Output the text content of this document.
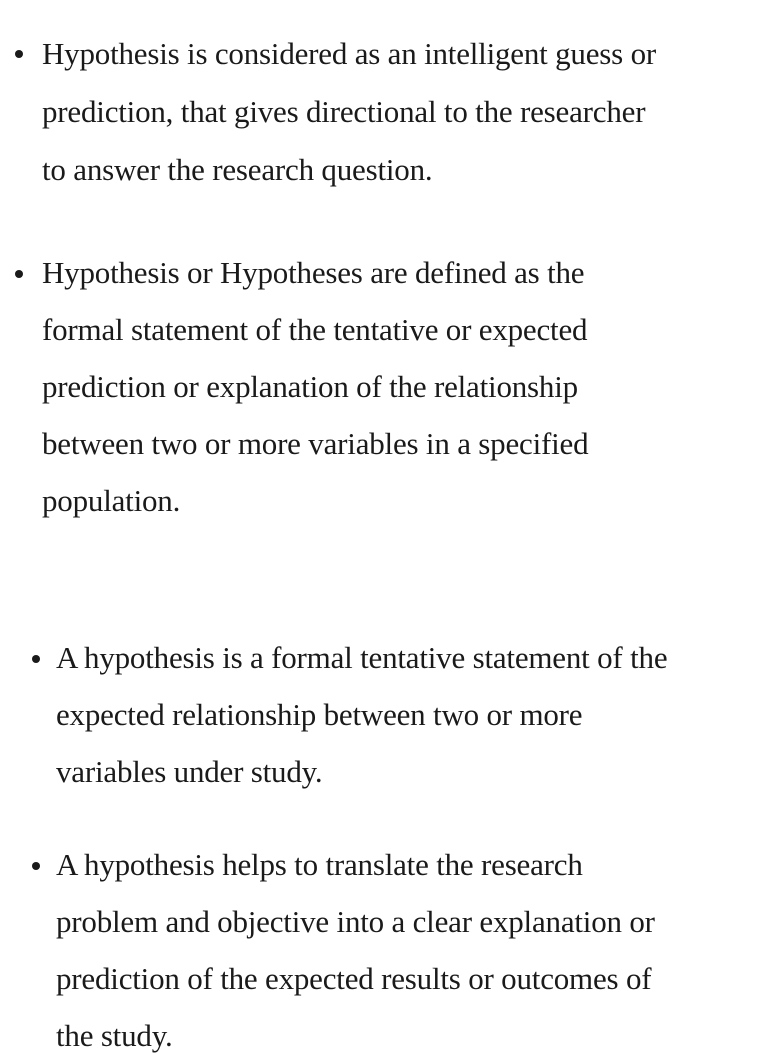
Hypothesis is considered as an intelligent guess or
prediction, that gives directional to the researcher
to answer the research question.
Hypothesis or Hypotheses are defined as the
formal statement of the tentative or expected
prediction or explanation of the relationship
between two or more variables in a specified
population.
A hypothesis is a formal tentative statement of the
expected relationship between two or more
variables under study.
A hypothesis helps to translate the research
problem and objective into a clear explanation or
prediction of the expected results or outcomes of
the study.
